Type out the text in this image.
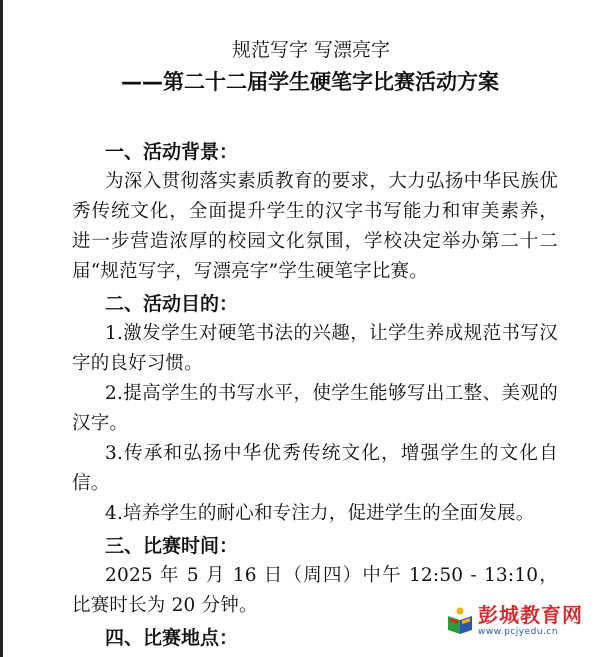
规范写字 写漂亮字
——第二十二届学生硬笔字比赛活动方案

一、活动背景：

为深入贯彻落实素质教育的要求，大力弘扬中华民族优秀传统文化，全面提升学生的汉字书写能力和审美素养，进一步营造浓厚的校园文化氛围，学校决定举办第二十二届“规范写字，写漂亮字”学生硬笔字比赛。

二、活动目的：

1.激发学生对硬笔书法的兴趣，让学生养成规范书写汉字的良好习惯。

2.提高学生的书写水平，使学生能够写出工整、美观的汉字。

3.传承和弘扬中华优秀传统文化，增强学生的文化自信。

4.培养学生的耐心和专注力，促进学生的全面发展。

三、比赛时间：

2025 年 5 月 16 日（周四）中午 12:50 - 13:10，比赛时长为 20 分钟。

四、比赛地点：

彭城教育网
www.pcjyedu.cn
